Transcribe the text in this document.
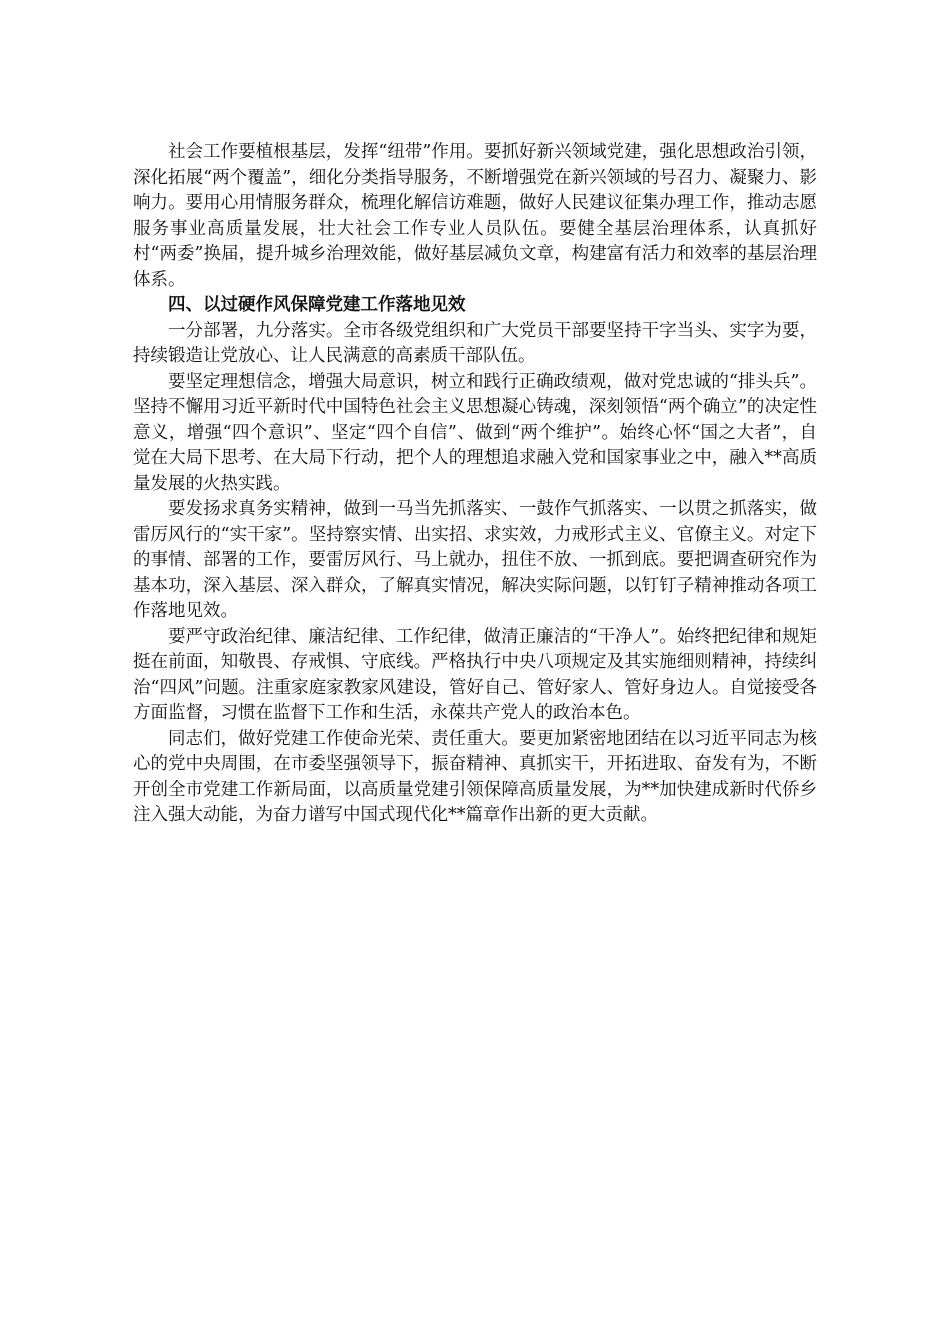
社会工作要植根基层，发挥“纽带”作用。要抓好新兴领域党建，强化思想政治引领，深化拓展“两个覆盖”，细化分类指导服务，不断增强党在新兴领域的号召力、凝聚力、影响力。要用心用情服务群众，梳理化解信访难题，做好人民建议征集办理工作，推动志愿服务事业高质量发展，壮大社会工作专业人员队伍。要健全基层治理体系，认真抓好村“两委”换届，提升城乡治理效能，做好基层减负文章，构建富有活力和效率的基层治理体系。

四、以过硬作风保障党建工作落地见效

一分部署，九分落实。全市各级党组织和广大党员干部要坚持干字当头、实字为要，持续锻造让党放心、让人民满意的高素质干部队伍。

要坚定理想信念，增强大局意识，树立和践行正确政绩观，做对党忠诚的“排头兵”。坚持不懈用习近平新时代中国特色社会主义思想凝心铸魂，深刻领悟“两个确立”的决定性意义，增强“四个意识”、坚定“四个自信”、做到“两个维护”。始终心怀“国之大者”，自觉在大局下思考、在大局下行动，把个人的理想追求融入党和国家事业之中，融入**高质量发展的火热实践。

要发扬求真务实精神，做到一马当先抓落实、一鼓作气抓落实、一以贯之抓落实，做雷厉风行的“实干家”。坚持察实情、出实招、求实效，力戒形式主义、官僚主义。对定下的事情、部署的工作，要雷厉风行、马上就办，扭住不放、一抓到底。要把调查研究作为基本功，深入基层、深入群众，了解真实情况，解决实际问题，以钉钉子精神推动各项工作落地见效。

要严守政治纪律、廉洁纪律、工作纪律，做清正廉洁的“干净人”。始终把纪律和规矩挺在前面，知敬畏、存戒惧、守底线。严格执行中央八项规定及其实施细则精神，持续纠治“四风”问题。注重家庭家教家风建设，管好自己、管好家人、管好身边人。自觉接受各方面监督，习惯在监督下工作和生活，永葆共产党人的政治本色。

同志们，做好党建工作使命光荣、责任重大。要更加紧密地团结在以习近平同志为核心的党中央周围，在市委坚强领导下，振奋精神、真抓实干，开拓进取、奋发有为，不断开创全市党建工作新局面，以高质量党建引领保障高质量发展，为**加快建成新时代侨乡注入强大动能，为奋力谱写中国式现代化**篇章作出新的更大贡献。
